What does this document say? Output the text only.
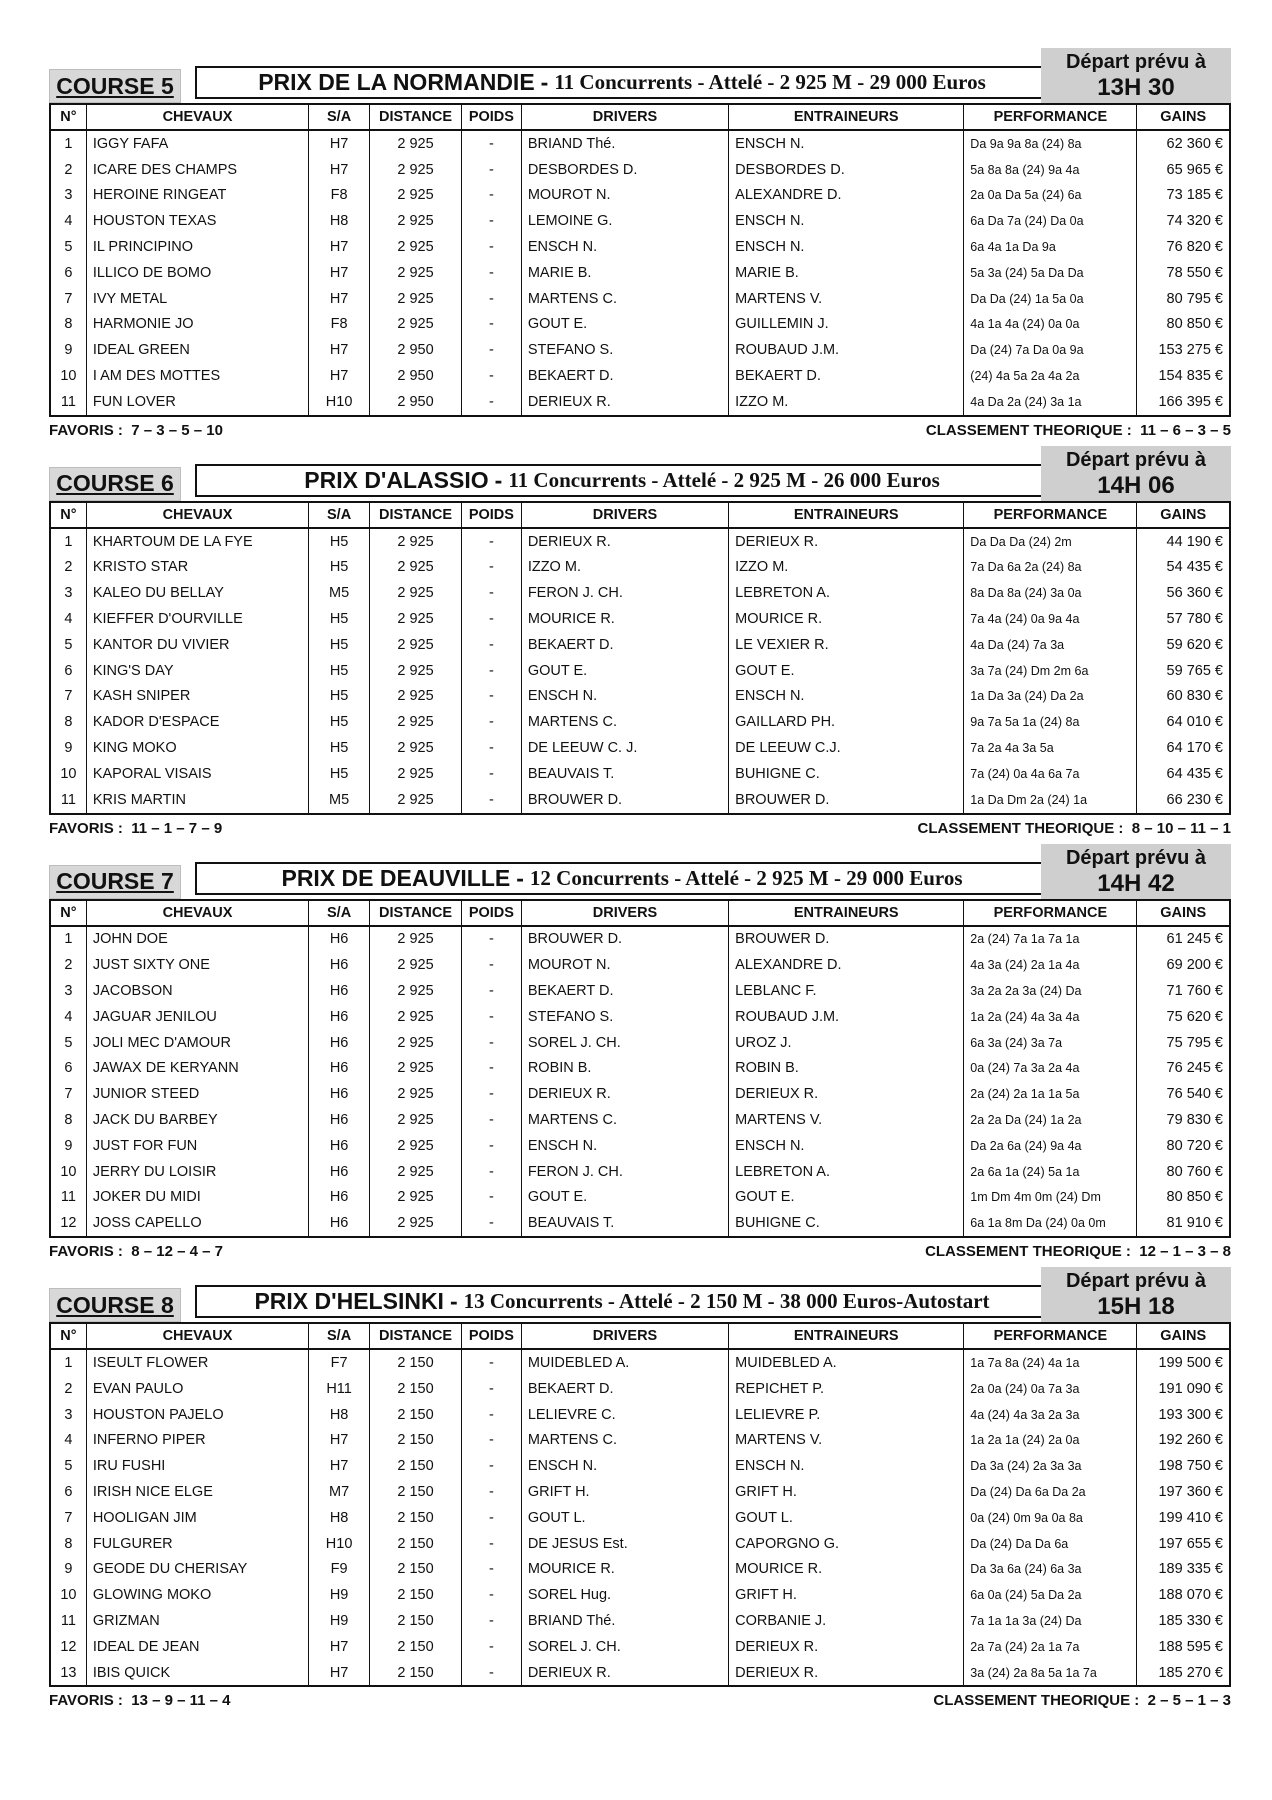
COURSE 5	PRIX DE LA NORMANDIE - 11 Concurrents - Attelé - 2 925 M - 29 000 Euros
Départ prévu à
13H 30
N°	CHEVAUX	S/A	DISTANCE	POIDS	DRIVERS	ENTRAINEURS	PERFORMANCE	GAINS
1	IGGY FAFA	H7	2 925	-	BRIAND Thé.	ENSCH N.	Da 9a 9a 8a (24) 8a	62 360 €
2	ICARE DES CHAMPS	H7	2 925	-	DESBORDES D.	DESBORDES D.	5a 8a 8a (24) 9a 4a	65 965 €
3	HEROINE RINGEAT	F8	2 925	-	MOUROT N.	ALEXANDRE D.	2a 0a Da 5a (24) 6a	73 185 €
4	HOUSTON TEXAS	H8	2 925	-	LEMOINE G.	ENSCH N.	6a Da 7a (24) Da 0a	74 320 €
5	IL PRINCIPINO	H7	2 925	-	ENSCH N.	ENSCH N.	6a 4a 1a Da 9a	76 820 €
6	ILLICO DE BOMO	H7	2 925	-	MARIE B.	MARIE B.	5a 3a (24) 5a Da Da	78 550 €
7	IVY METAL	H7	2 925	-	MARTENS C.	MARTENS V.	Da Da (24) 1a 5a 0a	80 795 €
8	HARMONIE JO	F8	2 925	-	GOUT E.	GUILLEMIN J.	4a 1a 4a (24) 0a 0a	80 850 €
9	IDEAL GREEN	H7	2 950	-	STEFANO S.	ROUBAUD J.M.	Da (24) 7a Da 0a 9a	153 275 €
10	I AM DES MOTTES	H7	2 950	-	BEKAERT D.	BEKAERT D.	(24) 4a 5a 2a 4a 2a	154 835 €
11	FUN LOVER	H10	2 950	-	DERIEUX R.	IZZO M.	4a Da 2a (24) 3a 1a	166 395 €
FAVORIS : 7 – 3 – 5 – 10	CLASSEMENT THEORIQUE : 11 – 6 – 3 – 5
COURSE 6	PRIX D'ALASSIO - 11 Concurrents - Attelé - 2 925 M - 26 000 Euros
Départ prévu à
14H 06
N°	CHEVAUX	S/A	DISTANCE	POIDS	DRIVERS	ENTRAINEURS	PERFORMANCE	GAINS
1	KHARTOUM DE LA FYE	H5	2 925	-	DERIEUX R.	DERIEUX R.	Da Da Da (24) 2m	44 190 €
2	KRISTO STAR	H5	2 925	-	IZZO M.	IZZO M.	7a Da 6a 2a (24) 8a	54 435 €
3	KALEO DU BELLAY	M5	2 925	-	FERON J. CH.	LEBRETON A.	8a Da 8a (24) 3a 0a	56 360 €
4	KIEFFER D'OURVILLE	H5	2 925	-	MOURICE R.	MOURICE R.	7a 4a (24) 0a 9a 4a	57 780 €
5	KANTOR DU VIVIER	H5	2 925	-	BEKAERT D.	LE VEXIER R.	4a Da (24) 7a 3a	59 620 €
6	KING'S DAY	H5	2 925	-	GOUT E.	GOUT E.	3a 7a (24) Dm 2m 6a	59 765 €
7	KASH SNIPER	H5	2 925	-	ENSCH N.	ENSCH N.	1a Da 3a (24) Da 2a	60 830 €
8	KADOR D'ESPACE	H5	2 925	-	MARTENS C.	GAILLARD PH.	9a 7a 5a 1a (24) 8a	64 010 €
9	KING MOKO	H5	2 925	-	DE LEEUW C. J.	DE LEEUW C.J.	7a 2a 4a 3a 5a	64 170 €
10	KAPORAL VISAIS	H5	2 925	-	BEAUVAIS T.	BUHIGNE C.	7a (24) 0a 4a 6a 7a	64 435 €
11	KRIS MARTIN	M5	2 925	-	BROUWER D.	BROUWER D.	1a Da Dm 2a (24) 1a	66 230 €
FAVORIS : 11 – 1 – 7 – 9	CLASSEMENT THEORIQUE : 8 – 10 – 11 – 1
COURSE 7	PRIX DE DEAUVILLE - 12 Concurrents - Attelé - 2 925 M - 29 000 Euros
Départ prévu à
14H 42
N°	CHEVAUX	S/A	DISTANCE	POIDS	DRIVERS	ENTRAINEURS	PERFORMANCE	GAINS
1	JOHN DOE	H6	2 925	-	BROUWER D.	BROUWER D.	2a (24) 7a 1a 7a 1a	61 245 €
2	JUST SIXTY ONE	H6	2 925	-	MOUROT N.	ALEXANDRE D.	4a 3a (24) 2a 1a 4a	69 200 €
3	JACOBSON	H6	2 925	-	BEKAERT D.	LEBLANC F.	3a 2a 2a 3a (24) Da	71 760 €
4	JAGUAR JENILOU	H6	2 925	-	STEFANO S.	ROUBAUD J.M.	1a 2a (24) 4a 3a 4a	75 620 €
5	JOLI MEC D'AMOUR	H6	2 925	-	SOREL J. CH.	UROZ J.	6a 3a (24) 3a 7a	75 795 €
6	JAWAX DE KERYANN	H6	2 925	-	ROBIN B.	ROBIN B.	0a (24) 7a 3a 2a 4a	76 245 €
7	JUNIOR STEED	H6	2 925	-	DERIEUX R.	DERIEUX R.	2a (24) 2a 1a 1a 5a	76 540 €
8	JACK DU BARBEY	H6	2 925	-	MARTENS C.	MARTENS V.	2a 2a Da (24) 1a 2a	79 830 €
9	JUST FOR FUN	H6	2 925	-	ENSCH N.	ENSCH N.	Da 2a 6a (24) 9a 4a	80 720 €
10	JERRY DU LOISIR	H6	2 925	-	FERON J. CH.	LEBRETON A.	2a 6a 1a (24) 5a 1a	80 760 €
11	JOKER DU MIDI	H6	2 925	-	GOUT E.	GOUT E.	1m Dm 4m 0m (24) Dm	80 850 €
12	JOSS CAPELLO	H6	2 925	-	BEAUVAIS T.	BUHIGNE C.	6a 1a 8m Da (24) 0a 0m	81 910 €
FAVORIS : 8 – 12 – 4 – 7	CLASSEMENT THEORIQUE : 12 – 1 – 3 – 8
COURSE 8	PRIX D'HELSINKI - 13 Concurrents - Attelé - 2 150 M - 38 000 Euros-Autostart
Départ prévu à
15H 18
N°	CHEVAUX	S/A	DISTANCE	POIDS	DRIVERS	ENTRAINEURS	PERFORMANCE	GAINS
1	ISEULT FLOWER	F7	2 150	-	MUIDEBLED A.	MUIDEBLED A.	1a 7a 8a (24) 4a 1a	199 500 €
2	EVAN PAULO	H11	2 150	-	BEKAERT D.	REPICHET P.	2a 0a (24) 0a 7a 3a	191 090 €
3	HOUSTON PAJELO	H8	2 150	-	LELIEVRE C.	LELIEVRE P.	4a (24) 4a 3a 2a 3a	193 300 €
4	INFERNO PIPER	H7	2 150	-	MARTENS C.	MARTENS V.	1a 2a 1a (24) 2a 0a	192 260 €
5	IRU FUSHI	H7	2 150	-	ENSCH N.	ENSCH N.	Da 3a (24) 2a 3a 3a	198 750 €
6	IRISH NICE ELGE	M7	2 150	-	GRIFT H.	GRIFT H.	Da (24) Da 6a Da 2a	197 360 €
7	HOOLIGAN JIM	H8	2 150	-	GOUT L.	GOUT L.	0a (24) 0m 9a 0a 8a	199 410 €
8	FULGURER	H10	2 150	-	DE JESUS Est.	CAPORGNO G.	Da (24) Da Da 6a	197 655 €
9	GEODE DU CHERISAY	F9	2 150	-	MOURICE R.	MOURICE R.	Da 3a 6a (24) 6a 3a	189 335 €
10	GLOWING MOKO	H9	2 150	-	SOREL Hug.	GRIFT H.	6a 0a (24) 5a Da 2a	188 070 €
11	GRIZMAN	H9	2 150	-	BRIAND Thé.	CORBANIE J.	7a 1a 1a 3a (24) Da	185 330 €
12	IDEAL DE JEAN	H7	2 150	-	SOREL J. CH.	DERIEUX R.	2a 7a (24) 2a 1a 7a	188 595 €
13	IBIS QUICK	H7	2 150	-	DERIEUX R.	DERIEUX R.	3a (24) 2a 8a 5a 1a 7a	185 270 €
FAVORIS : 13 – 9 – 11 – 4	CLASSEMENT THEORIQUE : 2 – 5 – 1 – 3
